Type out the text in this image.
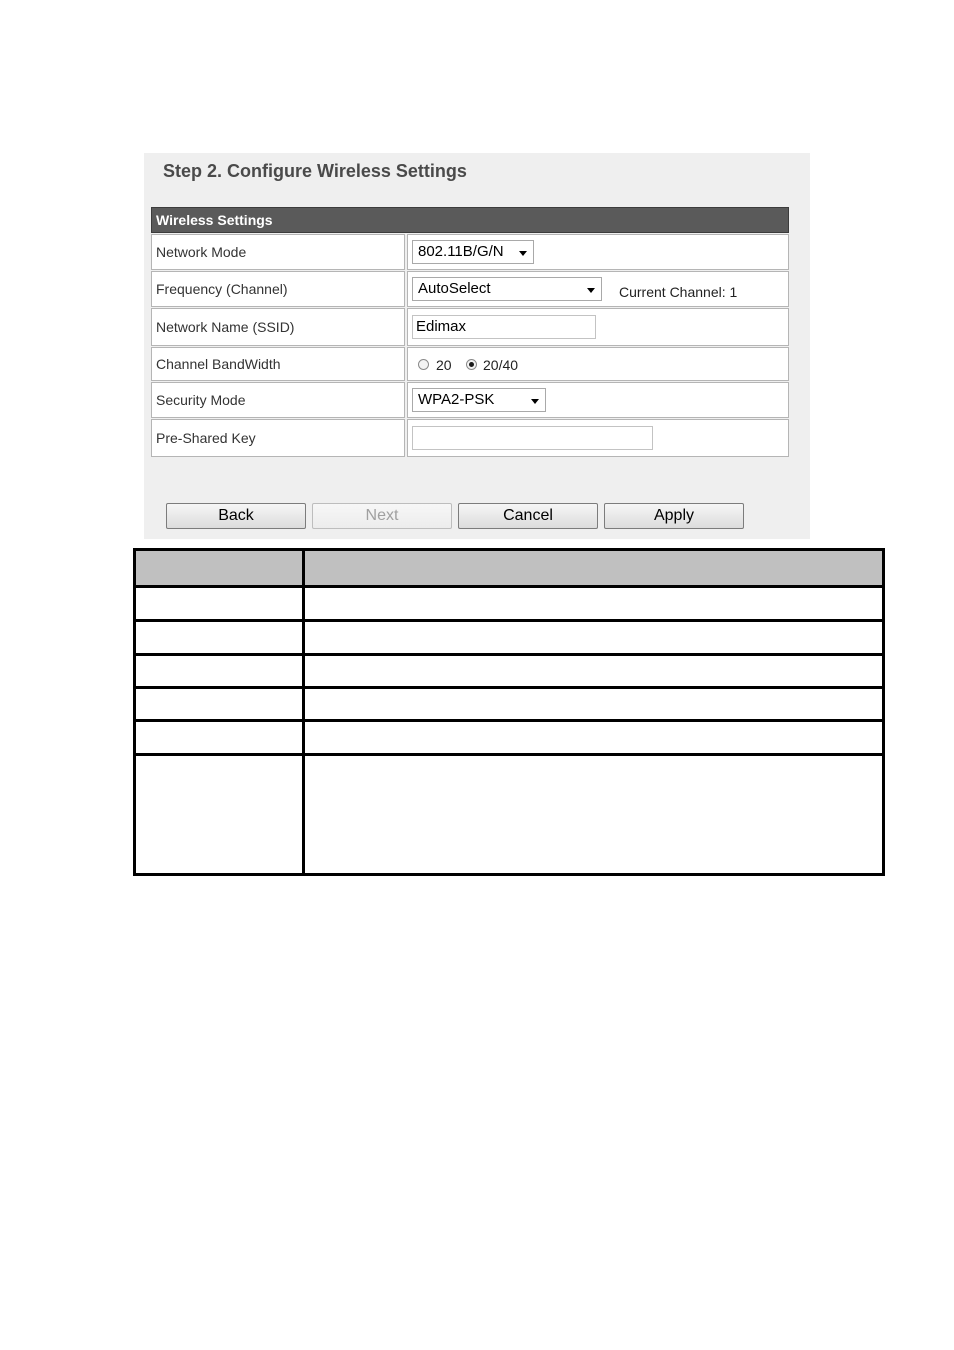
Step 2. Configure Wireless Settings
Wireless Settings
Network Mode	802.11B/G/N
Frequency (Channel)	AutoSelect	Current Channel: 1
Network Name (SSID)	Edimax
Channel BandWidth	20 20/40
Security Mode	WPA2-PSK
Pre-Shared Key
Back	Next	Cancel	Apply
